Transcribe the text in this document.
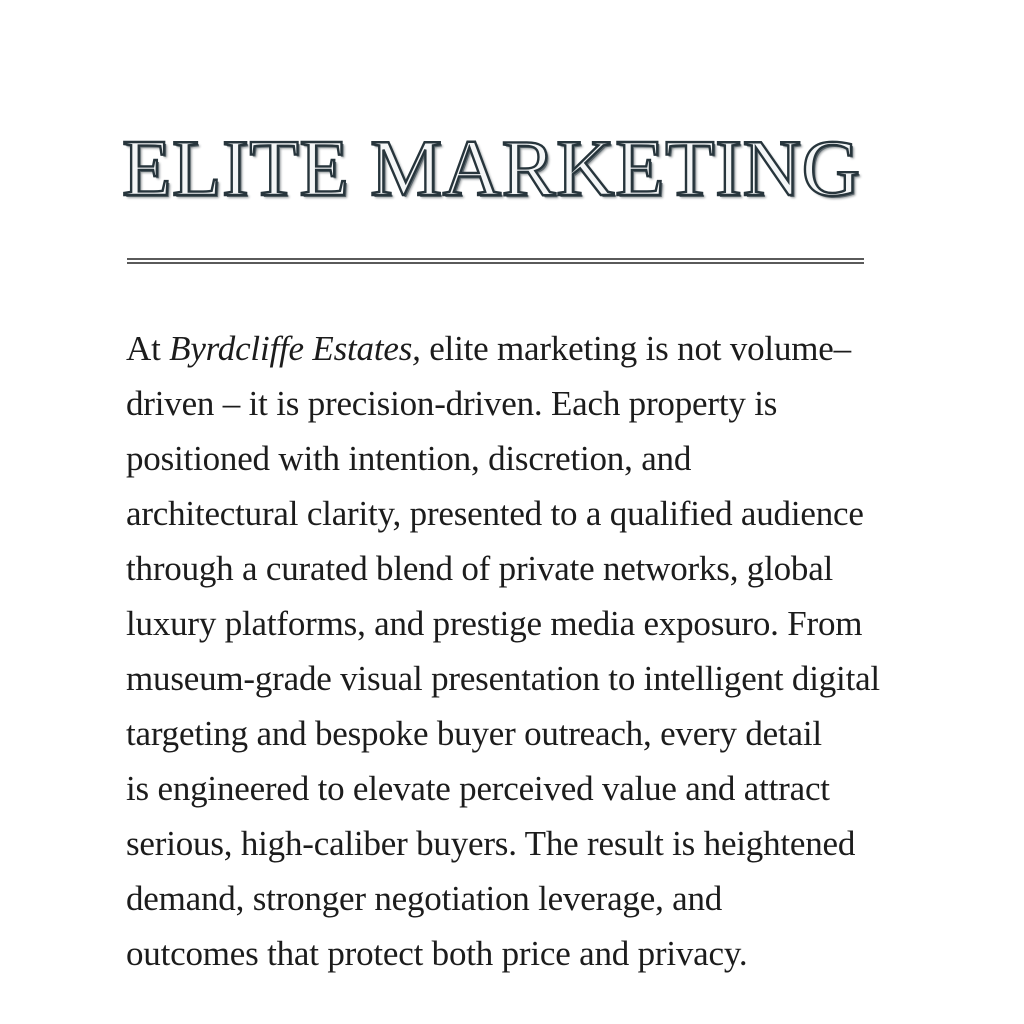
ELITE MARKETING

At Byrdcliffe Estates, elite marketing is not volume–
driven – it is precision-driven. Each property is
positioned with intention, discretion, and
architectural clarity, presented to a qualified audience
through a curated blend of private networks, global
luxury platforms, and prestige media exposuro. From
museum-grade visual presentation to intelligent digital
targeting and bespoke buyer outreach, every detail
is engineered to elevate perceived value and attract
serious, high-caliber buyers. The result is heightened
demand, stronger negotiation leverage, and
outcomes that protect both price and privacy.
